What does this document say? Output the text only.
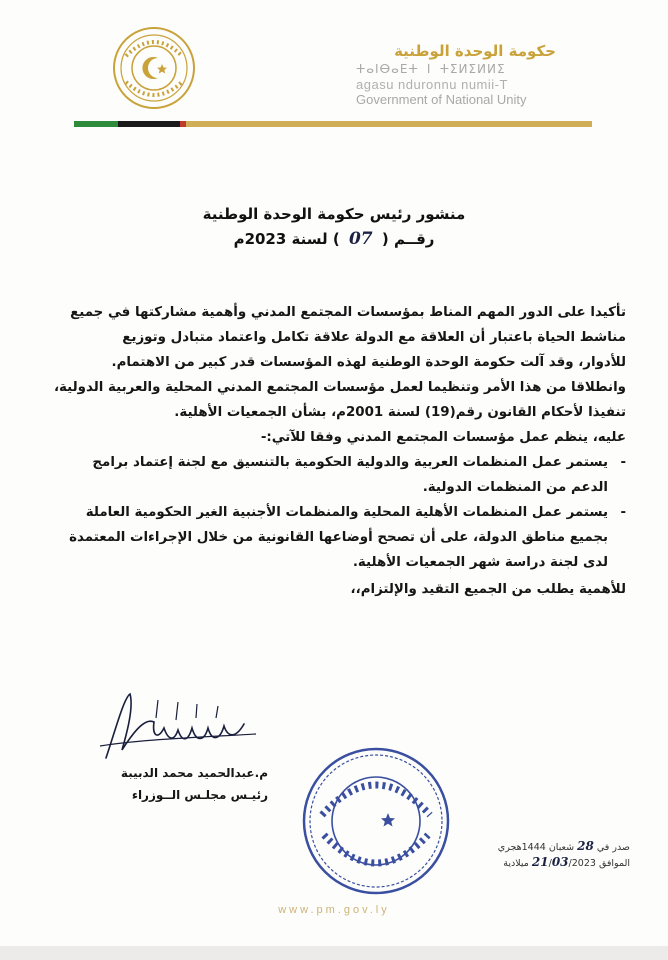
حكومة الوحدة الوطنية
ⵜⴰⵏⴱⴰⴹⵜ ⵏ ⵜⵉⵍⵉⵍⵍⵉ
agasu nduronnu numii-T
Government of National Unity
منشور رئيس حكومة الوحدة الوطنية
رقــم ( 07 ) لسنة 2023م

تأكيدا على الدور المهم المناط بمؤسسات المجتمع المدني وأهمية مشاركتها في جميع

مناشط الحياة باعتبار أن العلاقة مع الدولة علاقة تكامل واعتماد متبادل وتوزيع

للأدوار، وقد آلت حكومة الوحدة الوطنية لهذه المؤسسات قدر كبير من الاهتمام.

وانطلاقا من هذا الأمر وتنظيما لعمل مؤسسات المجتمع المدني المحلية والعربية الدولية،

تنفيذا لأحكام القانون رقم(19) لسنة 2001م، بشأن الجمعيات الأهلية.

عليه، ينظم عمل مؤسسات المجتمع المدني وفقا للآتي:-

- يستمر عمل المنظمات العربية والدولية الحكومية بالتنسيق مع لجنة إعتماد برامج

الدعم من المنظمات الدولية.

- يستمر عمل المنظمات الأهلية المحلية والمنظمات الأجنبية الغير الحكومية العاملة

بجميع مناطق الدولة، على أن تصحح أوضاعها القانونية من خلال الإجراءات المعتمدة

لدى لجنة دراسة شهر الجمعيات الأهلية.

للأهمية يطلب من الجميع التقيد والإلتزام،،

م.عبدالحميد محمد الدبيبة
رئيـس مجلـس الــوزراء
صدر في 28 شعبان 1444هجري
الموافق 21/03/2023 ميلادية
www.pm.gov.ly
